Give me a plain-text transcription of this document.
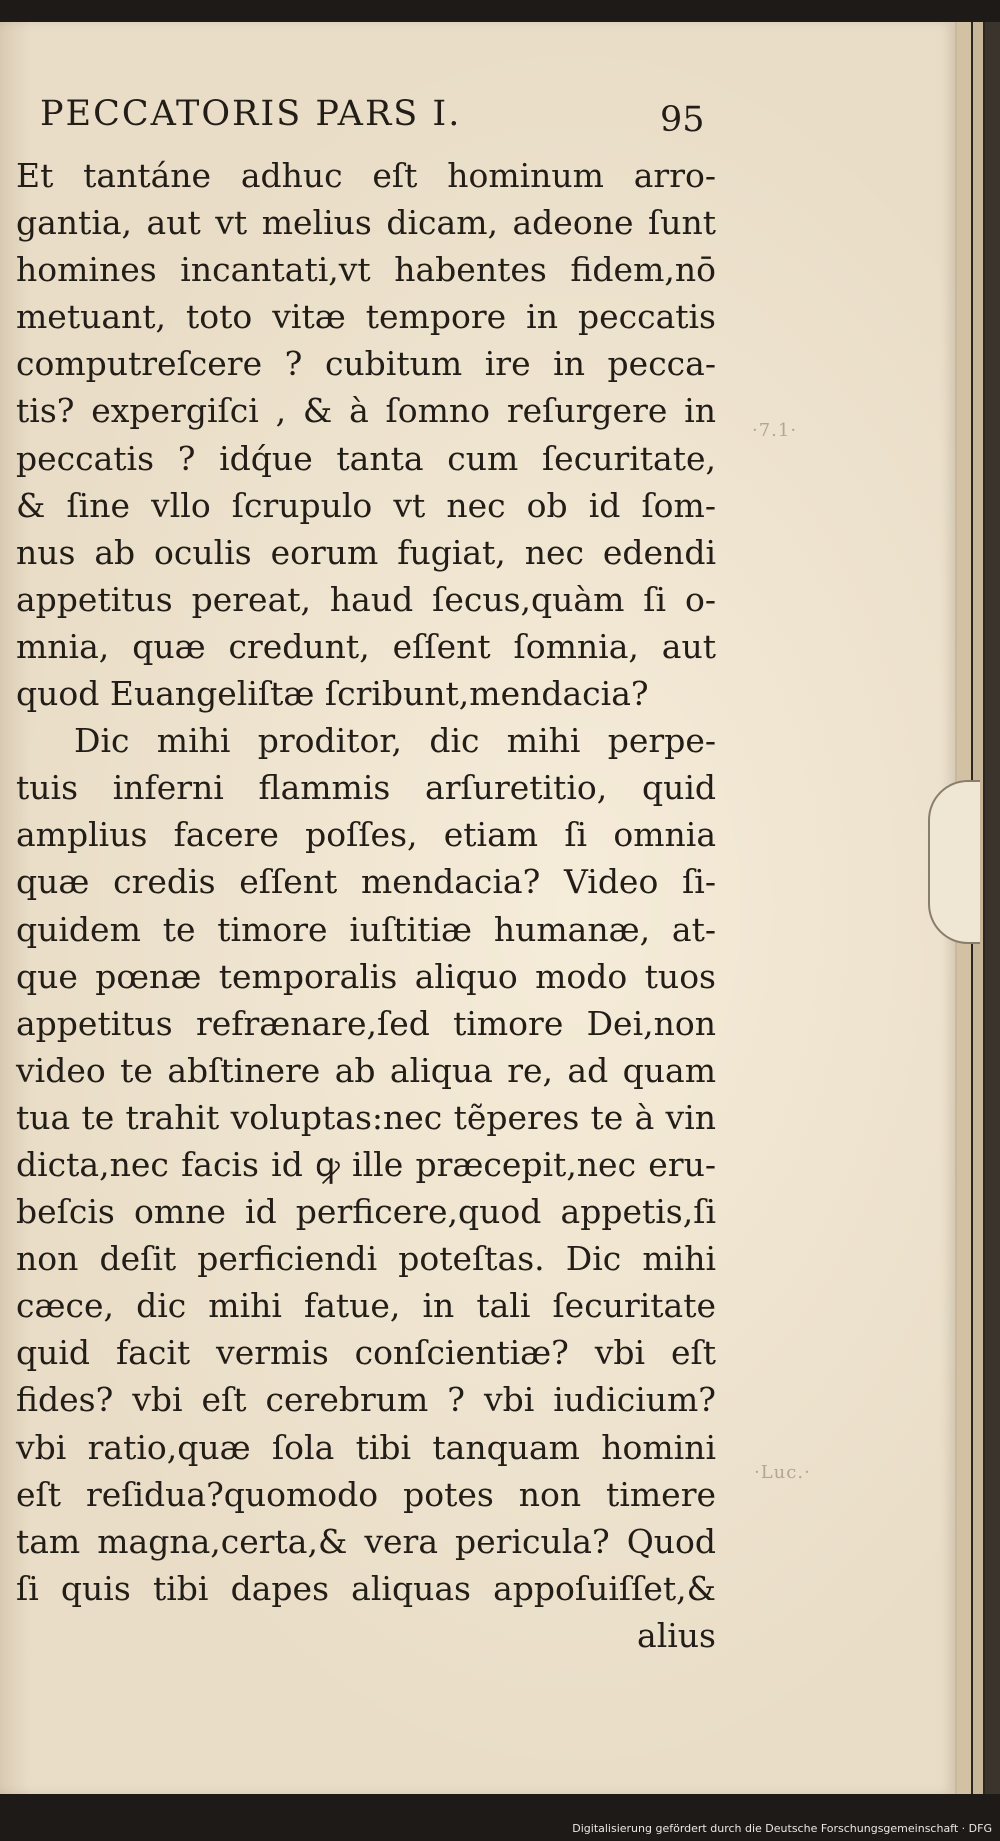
PECCATORIS PARS I.	95

Et tantáne adhuc eſt hominum arro-
gantia, aut vt melius dicam, adeone ſunt
homines incantati,vt habentes fidem,nō
metuant, toto vitæ tempore in peccatis
computreſcere ? cubitum ire in pecca-
tis? expergiſci , & à ſomno reſurgere in
peccatis ? idq́ue tanta cum ſecuritate,
& ſine vllo ſcrupulo vt nec ob id ſom-
nus ab oculis eorum fugiat, nec edendi
appetitus pereat, haud ſecus,quàm ſi o-
mnia, quæ credunt, eſſent ſomnia, aut
quod Euangeliſtæ ſcribunt,mendacia?
Dic mihi proditor, dic mihi perpe-
tuis inferni flammis arſuretitio, quid
amplius facere poſſes, etiam ſi omnia
quæ credis eſſent mendacia? Video ſi-
quidem te timore iuſtitiæ humanæ, at-
que pœnæ temporalis aliquo modo tuos
appetitus refrænare,ſed timore Dei,non
video te abſtinere ab aliqua re, ad quam
tua te trahit voluptas:nec tẽperes te à vin
dicta,nec facis id ꝙ ille præcepit,nec eru-
beſcis omne id perficere,quod appetis,ſi
non deſit perficiendi poteſtas. Dic mihi
cæce, dic mihi fatue, in tali ſecuritate
quid facit vermis conſcientiæ? vbi eſt
fides? vbi eſt cerebrum ? vbi iudicium?
vbi ratio,quæ ſola tibi tanquam homini
eſt reſidua?quomodo potes non timere
tam magna,certa,& vera pericula? Quod
ſi quis tibi dapes aliquas appoſuiſſet,&
alius

·7.1·

·Luc.·

Digitalisierung gefördert durch die Deutsche Forschungsgemeinschaft · DFG
